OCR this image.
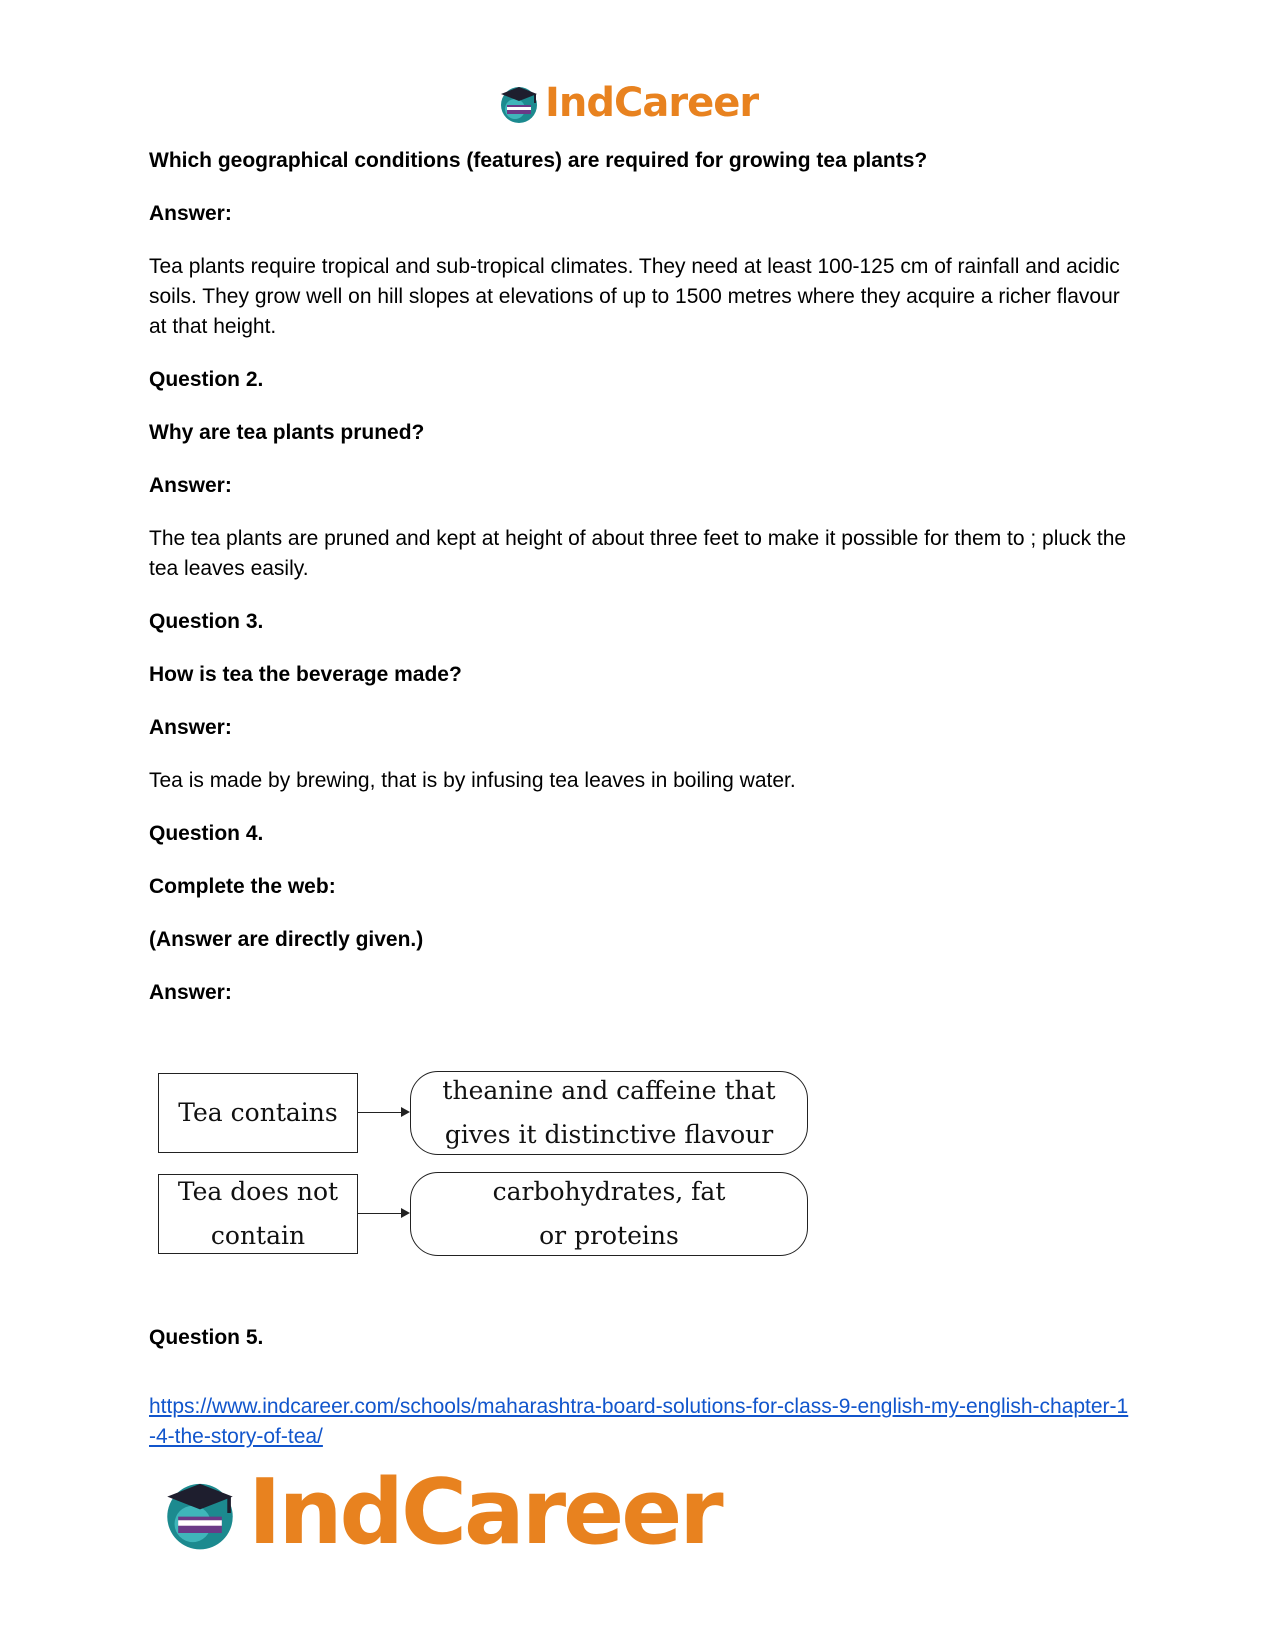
IndCareer

Which geographical conditions (features) are required for growing tea plants?

Answer:

Tea plants require tropical and sub-tropical climates. They need at least 100-125 cm of rainfall and acidic soils. They grow well on hill slopes at elevations of up to 1500 metres where they acquire a richer flavour at that height.

Question 2.

Why are tea plants pruned?

Answer:

The tea plants are pruned and kept at height of about three feet to make it possible for them to ; pluck the tea leaves easily.

Question 3.

How is tea the beverage made?

Answer:

Tea is made by brewing, that is by infusing tea leaves in boiling water.

Question 4.

Complete the web:

(Answer are directly given.)

Answer:

Tea contains
theanine and caffeine that
gives it distinctive flavour
Tea does not
contain
carbohydrates, fat
or proteins

Question 5.

https://www.indcareer.com/schools/maharashtra-board-solutions-for-class-9-english-my-english-chapter-1-4-the-story-of-tea/
IndCareer
